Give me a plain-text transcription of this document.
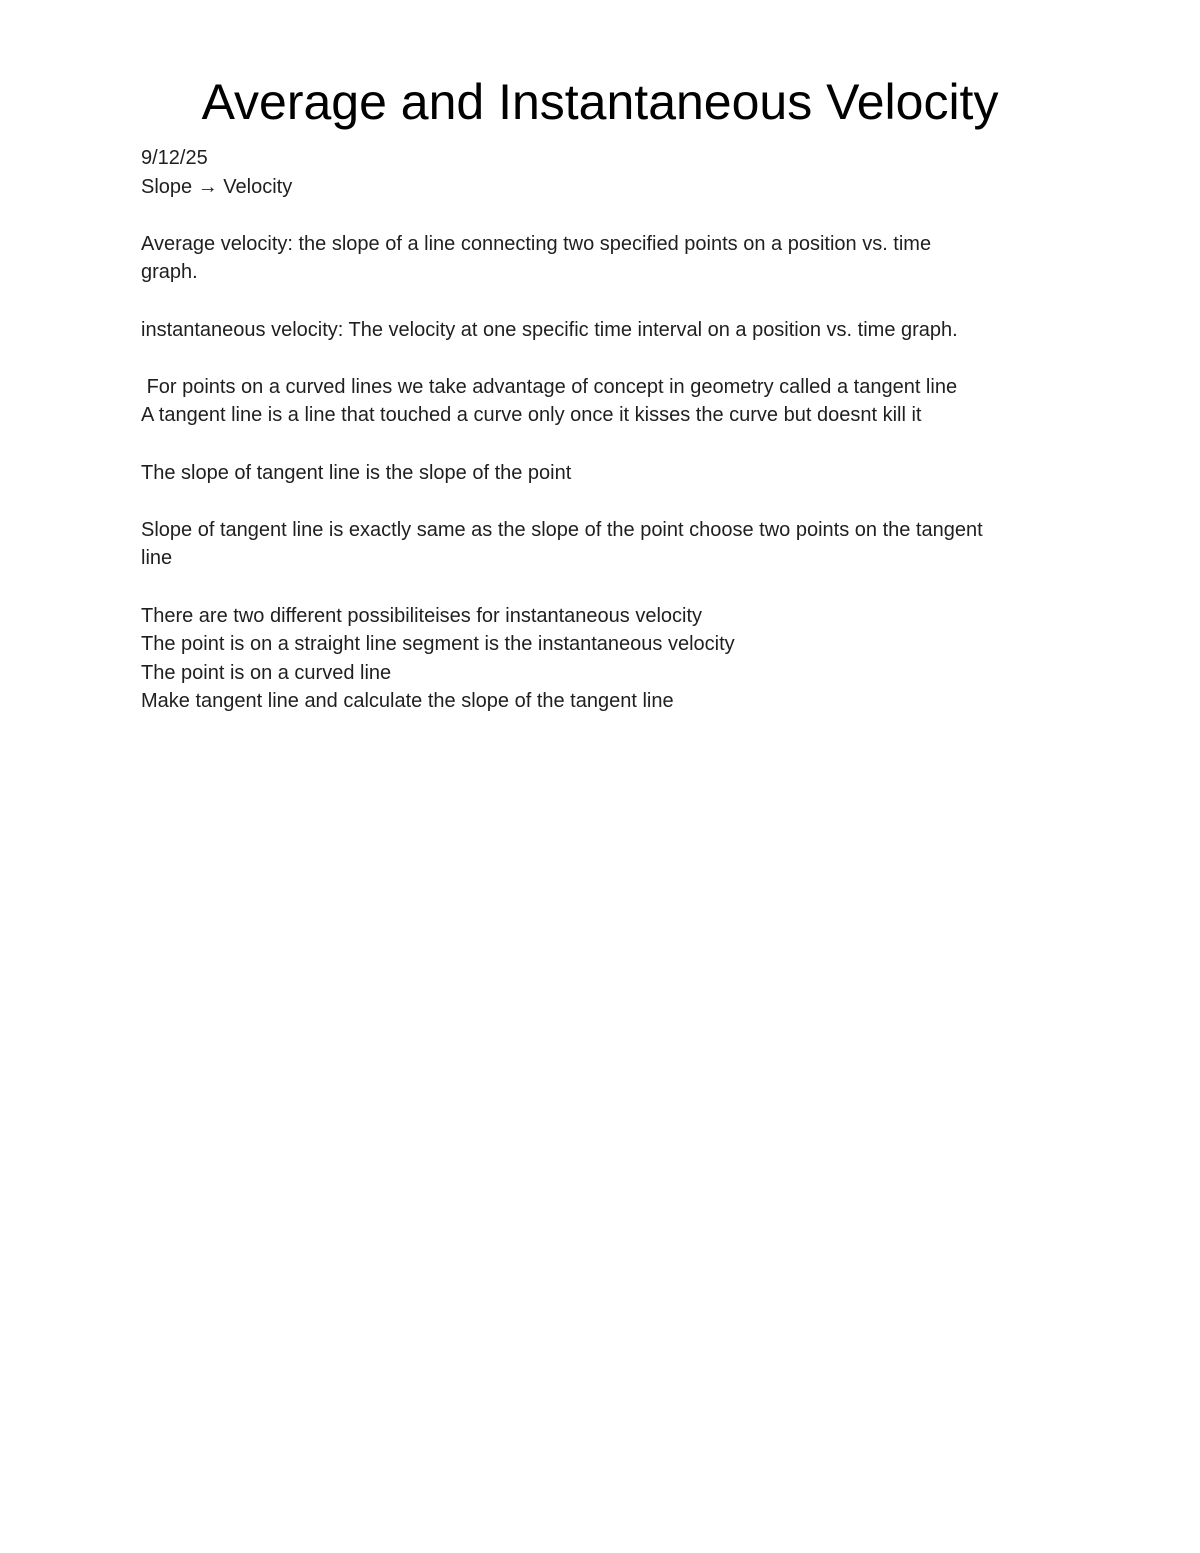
Average and Instantaneous Velocity
9/12/25
Slope → Velocity
Average velocity: the slope of a line connecting two specified points on a position vs. time
graph.
instantaneous velocity: The velocity at one specific time interval on a position vs. time graph.
For points on a curved lines we take advantage of concept in geometry called a tangent line
A tangent line is a line that touched a curve only once it kisses the curve but doesnt kill it
The slope of tangent line is the slope of the point
Slope of tangent line is exactly same as the slope of the point choose two points on the tangent
line
There are two different possibiliteises for instantaneous velocity
The point is on a straight line segment is the instantaneous velocity
The point is on a curved line
Make tangent line and calculate the slope of the tangent line
